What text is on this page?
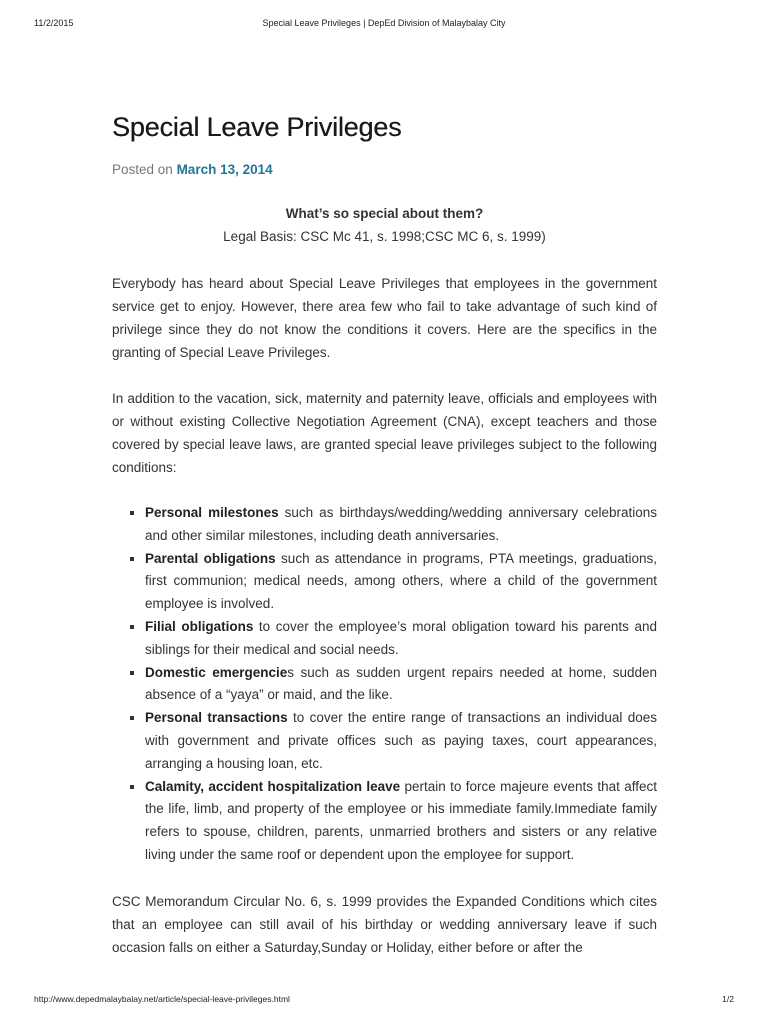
11/2/2015	Special Leave Privileges | DepEd Division of Malaybalay City
Special Leave Privileges
Posted on March 13, 2014
What’s so special about them?
Legal Basis: CSC Mc 41, s. 1998;CSC MC 6, s. 1999)

Everybody has heard about Special Leave Privileges that employees in the government service get to enjoy. However, there area few who fail to take advantage of such kind of privilege since they do not know the conditions it covers. Here are the specifics in the granting of Special Leave Privileges.

In addition to the vacation, sick, maternity and paternity leave, officials and employees with or without existing Collective Negotiation Agreement (CNA), except teachers and those covered by special leave laws, are granted special leave privileges subject to the following conditions:

Personal milestones such as birthdays/wedding/wedding anniversary celebrations and other similar milestones, including death anniversaries.
Parental obligations such as attendance in programs, PTA meetings, graduations, first communion; medical needs, among others, where a child of the government employee is involved.
Filial obligations to cover the employee’s moral obligation toward his parents and siblings for their medical and social needs.
Domestic emergencies such as sudden urgent repairs needed at home, sudden absence of a “yaya” or maid, and the like.
Personal transactions to cover the entire range of transactions an individual does with government and private offices such as paying taxes, court appearances, arranging a housing loan, etc.
Calamity, accident hospitalization leave pertain to force majeure events that affect the life, limb, and property of the employee or his immediate family.Immediate family refers to spouse, children, parents, unmarried brothers and sisters or any relative living under the same roof or dependent upon the employee for support.

CSC Memorandum Circular No. 6, s. 1999 provides the Expanded Conditions which cites that an employee can still avail of his birthday or wedding anniversary leave if such occasion falls on either a Saturday,Sunday or Holiday, either before or after the

http://www.depedmalaybalay.net/article/special-leave-privileges.html	1/2
